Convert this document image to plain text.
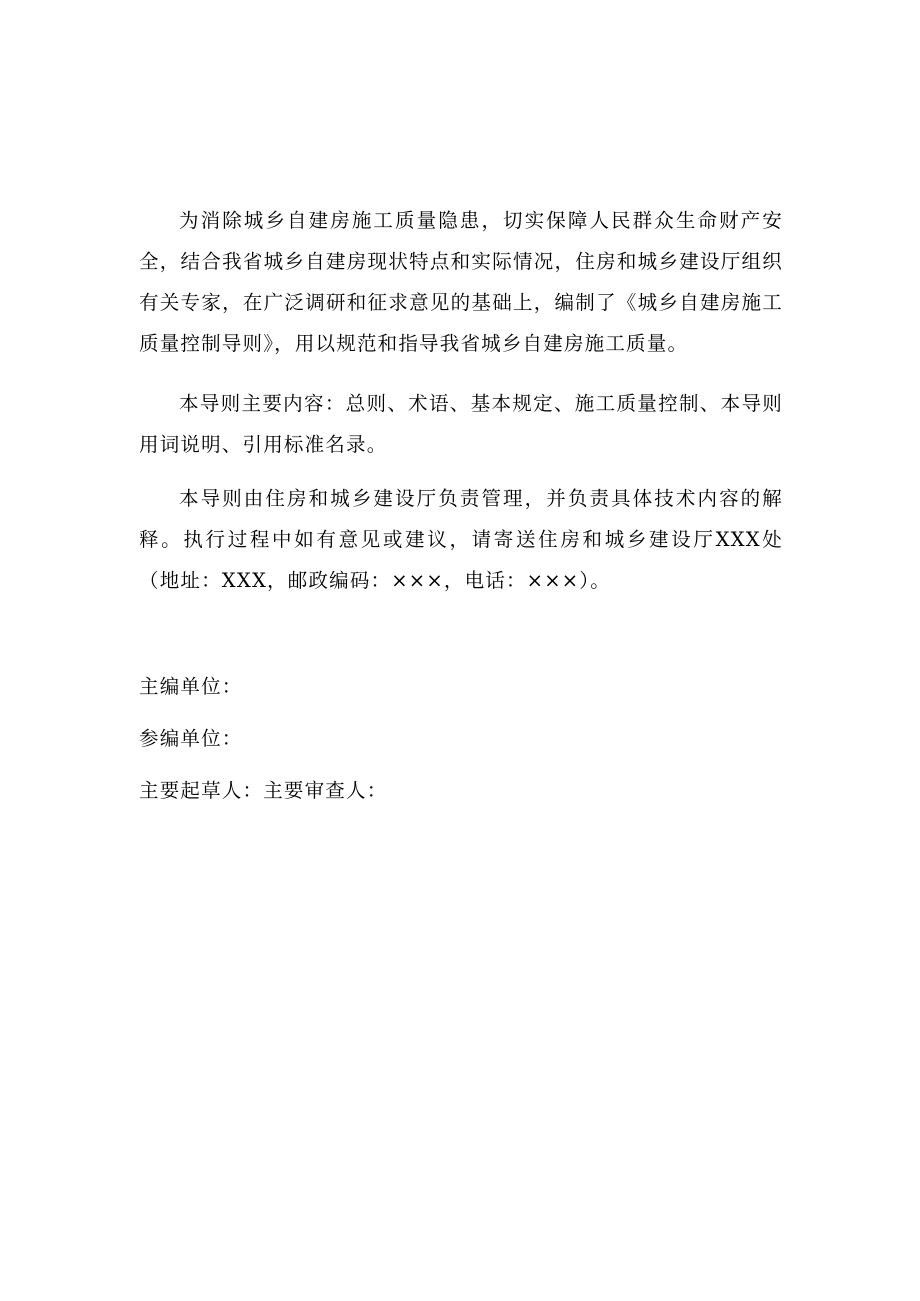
为消除城乡自建房施工质量隐患，切实保障人民群众生命财产安全，结合我省城乡自建房现状特点和实际情况，住房和城乡建设厅组织有关专家，在广泛调研和征求意见的基础上，编制了《城乡自建房施工质量控制导则》，用以规范和指导我省城乡自建房施工质量。

本导则主要内容：总则、术语、基本规定、施工质量控制、本导则用词说明、引用标准名录。

本导则由住房和城乡建设厅负责管理，并负责具体技术内容的解释。执行过程中如有意见或建议，请寄送住房和城乡建设厅XXX处（地址：XXX，邮政编码：×××，电话：×××）。

主编单位：

参编单位：

主要起草人：主要审查人：
